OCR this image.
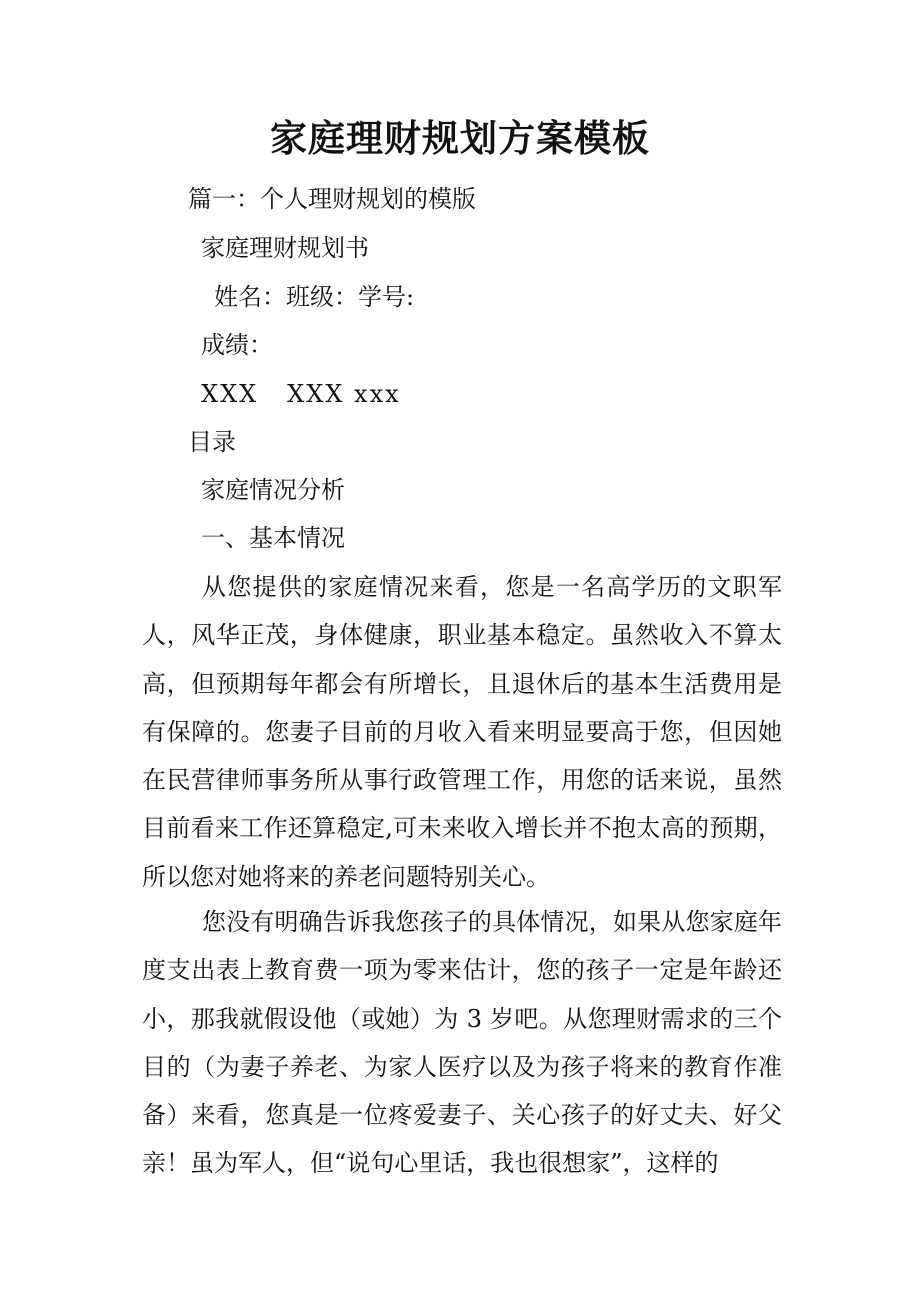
家庭理财规划方案模板
篇一：个人理财规划的模版
家庭理财规划书
姓名：班级：学号:
成绩：
XXX   XXX xxx
目录
家庭情况分析
一、基本情况

从您提供的家庭情况来看，您是一名高学历的文职军人，风华正茂，身体健康，职业基本稳定。虽然收入不算太高，但预期每年都会有所增长，且退休后的基本生活费用是有保障的。您妻子目前的月收入看来明显要高于您，但因她在民营律师事务所从事行政管理工作，用您的话来说，虽然目前看来工作还算稳定,可未来收入增长并不抱太高的预期，所以您对她将来的养老问题特别关心。

您没有明确告诉我您孩子的具体情况，如果从您家庭年度支出表上教育费一项为零来估计，您的孩子一定是年龄还小，那我就假设他（或她）为 3 岁吧。从您理财需求的三个目的（为妻子养老、为家人医疗以及为孩子将来的教育作准备）来看，您真是一位疼爱妻子、关心孩子的好丈夫、好父亲！虽为军人，但“说句心里话，我也很想家”，这样的
